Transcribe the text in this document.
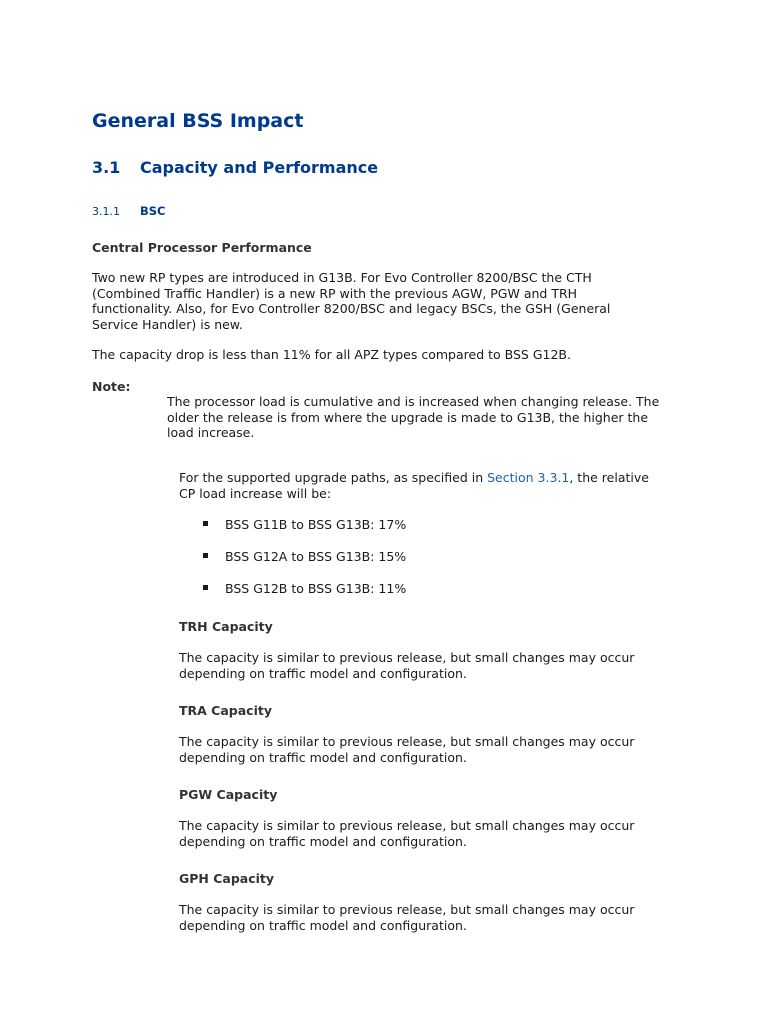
General BSS Impact
3.1 Capacity and Performance
3.1.1 BSC
Central Processor Performance
Two new RP types are introduced in G13B. For Evo Controller 8200/BSC the CTH
(Combined Traffic Handler) is a new RP with the previous AGW, PGW and TRH
functionality. Also, for Evo Controller 8200/BSC and legacy BSCs, the GSH (General
Service Handler) is new.
The capacity drop is less than 11% for all APZ types compared to BSS G12B.
Note:
The processor load is cumulative and is increased when changing release. The
older the release is from where the upgrade is made to G13B, the higher the
load increase.
For the supported upgrade paths, as specified in Section 3.3.1, the relative
CP load increase will be:
BSS G11B to BSS G13B: 17%
BSS G12A to BSS G13B: 15%
BSS G12B to BSS G13B: 11%
TRH Capacity
The capacity is similar to previous release, but small changes may occur
depending on traffic model and configuration.
TRA Capacity
The capacity is similar to previous release, but small changes may occur
depending on traffic model and configuration.
PGW Capacity
The capacity is similar to previous release, but small changes may occur
depending on traffic model and configuration.
GPH Capacity
The capacity is similar to previous release, but small changes may occur
depending on traffic model and configuration.
